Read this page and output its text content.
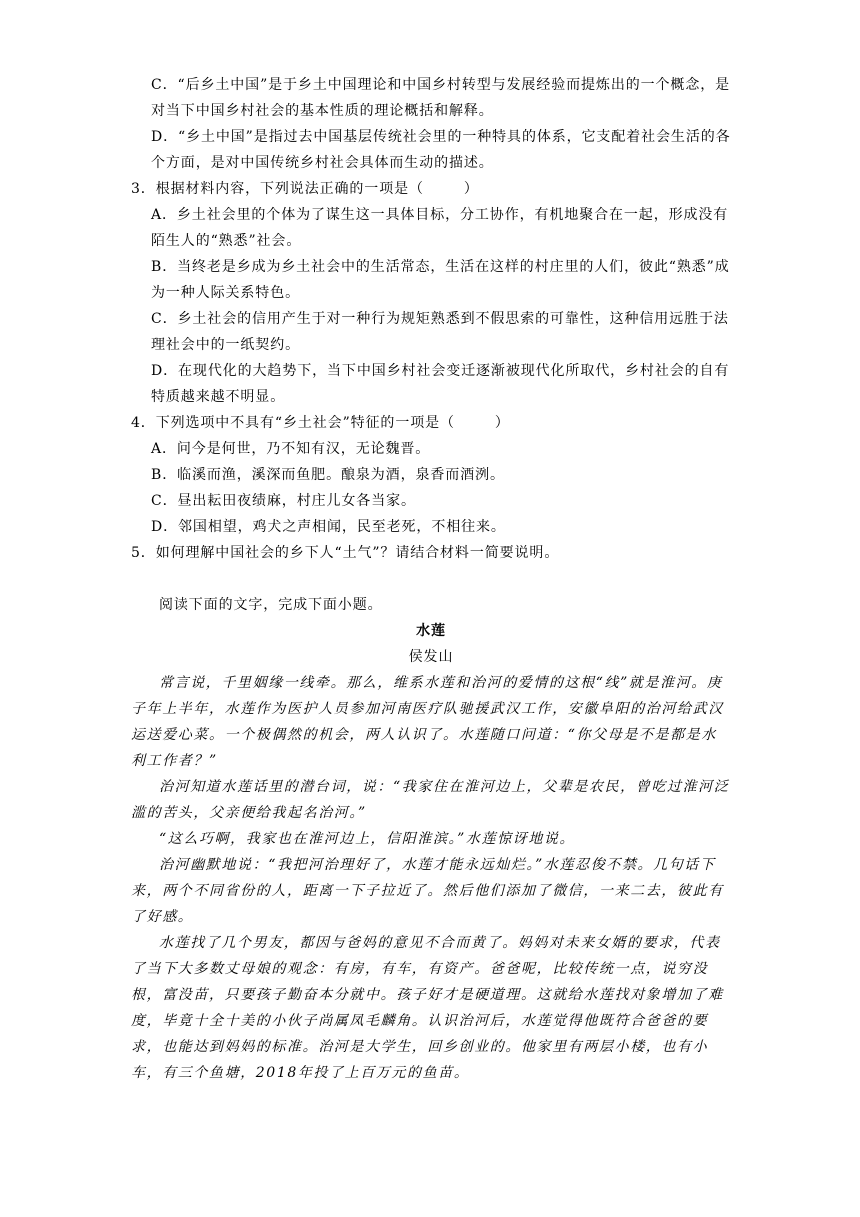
C．“后乡土中国”是于乡土中国理论和中国乡村转型与发展经验而提炼出的一个概念，是对当下中国乡村社会的基本性质的理论概括和解释。

D．“乡土中国”是指过去中国基层传统社会里的一种特具的体系，它支配着社会生活的各个方面，是对中国传统乡村社会具体而生动的描述。

3．根据材料内容，下列说法正确的一项是（	）

A．乡土社会里的个体为了谋生这一具体目标，分工协作，有机地聚合在一起，形成没有陌生人的“熟悉”社会。

B．当终老是乡成为乡土社会中的生活常态，生活在这样的村庄里的人们，彼此“熟悉”成为一种人际关系特色。

C．乡土社会的信用产生于对一种行为规矩熟悉到不假思索的可靠性，这种信用远胜于法理社会中的一纸契约。

D．在现代化的大趋势下，当下中国乡村社会变迁逐渐被现代化所取代，乡村社会的自有特质越来越不明显。

4．下列选项中不具有“乡土社会”特征的一项是（	）

A．问今是何世，乃不知有汉，无论魏晋。

B．临溪而渔，溪深而鱼肥。酿泉为酒，泉香而酒洌。

C．昼出耘田夜绩麻，村庄儿女各当家。

D．邻国相望，鸡犬之声相闻，民至老死，不相往来。

5．如何理解中国社会的乡下人“土气”？请结合材料一简要说明。

阅读下面的文字，完成下面小题。

水莲

侯发山

常言说，千里姻缘一线牵。那么，维系水莲和治河的爱情的这根“线”就是淮河。庚子年上半年，水莲作为医护人员参加河南医疗队驰援武汉工作，安徽阜阳的治河给武汉运送爱心菜。一个极偶然的机会，两人认识了。水莲随口问道：“你父母是不是都是水利工作者？”

治河知道水莲话里的潜台词，说：“我家住在淮河边上，父辈是农民，曾吃过淮河泛滥的苦头，父亲便给我起名治河。”

“这么巧啊，我家也在淮河边上，信阳淮滨。”水莲惊讶地说。

治河幽默地说：“我把河治理好了，水莲才能永远灿烂。”水莲忍俊不禁。几句话下来，两个不同省份的人，距离一下子拉近了。然后他们添加了微信，一来二去，彼此有了好感。

水莲找了几个男友，都因与爸妈的意见不合而黄了。妈妈对未来女婿的要求，代表了当下大多数丈母娘的观念：有房，有车，有资产。爸爸呢，比较传统一点，说穷没根，富没苗，只要孩子勤奋本分就中。孩子好才是硬道理。这就给水莲找对象增加了难度，毕竟十全十美的小伙子尚属凤毛麟角。认识治河后，水莲觉得他既符合爸爸的要求，也能达到妈妈的标准。治河是大学生，回乡创业的。他家里有两层小楼，也有小车，有三个鱼塘，2018年投了上百万元的鱼苗。
